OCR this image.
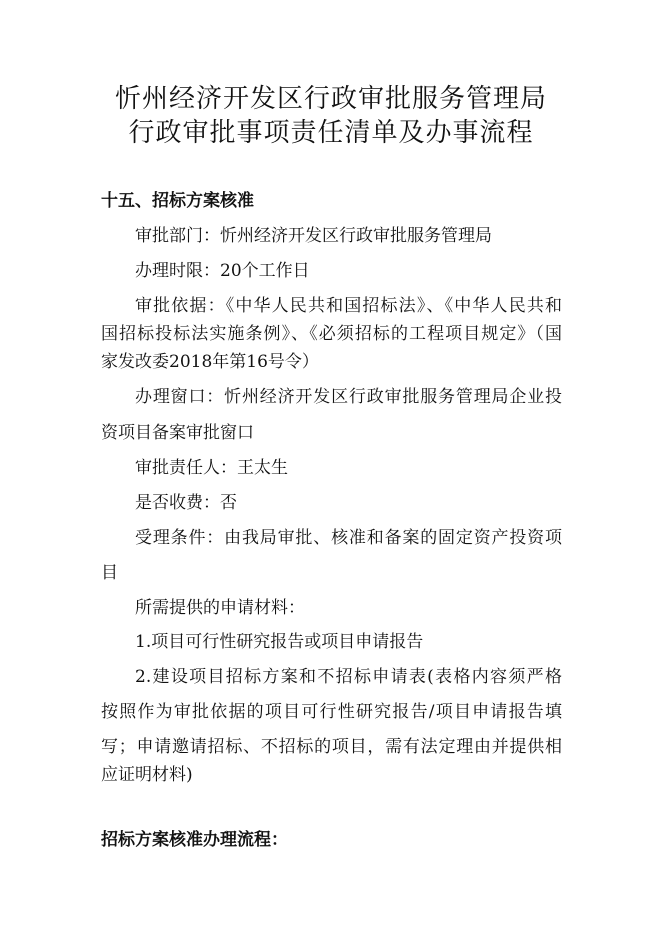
忻州经济开发区行政审批服务管理局
行政审批事项责任清单及办事流程
十五、招标方案核准
审批部门：忻州经济开发区行政审批服务管理局
办理时限：20个工作日
审批依据：《中华人民共和国招标法》、《中华人民共和
国招标投标法实施条例》、《必须招标的工程项目规定》（国
家发改委2018年第16号令）
办理窗口：忻州经济开发区行政审批服务管理局企业投
资项目备案审批窗口
审批责任人：王太生
是否收费：否
受理条件：由我局审批、核准和备案的固定资产投资项
目
所需提供的申请材料：
1.项目可行性研究报告或项目申请报告
2.建设项目招标方案和不招标申请表(表格内容须严格
按照作为审批依据的项目可行性研究报告/项目申请报告填
写；申请邀请招标、不招标的项目，需有法定理由并提供相
应证明材料)
招标方案核准办理流程：
